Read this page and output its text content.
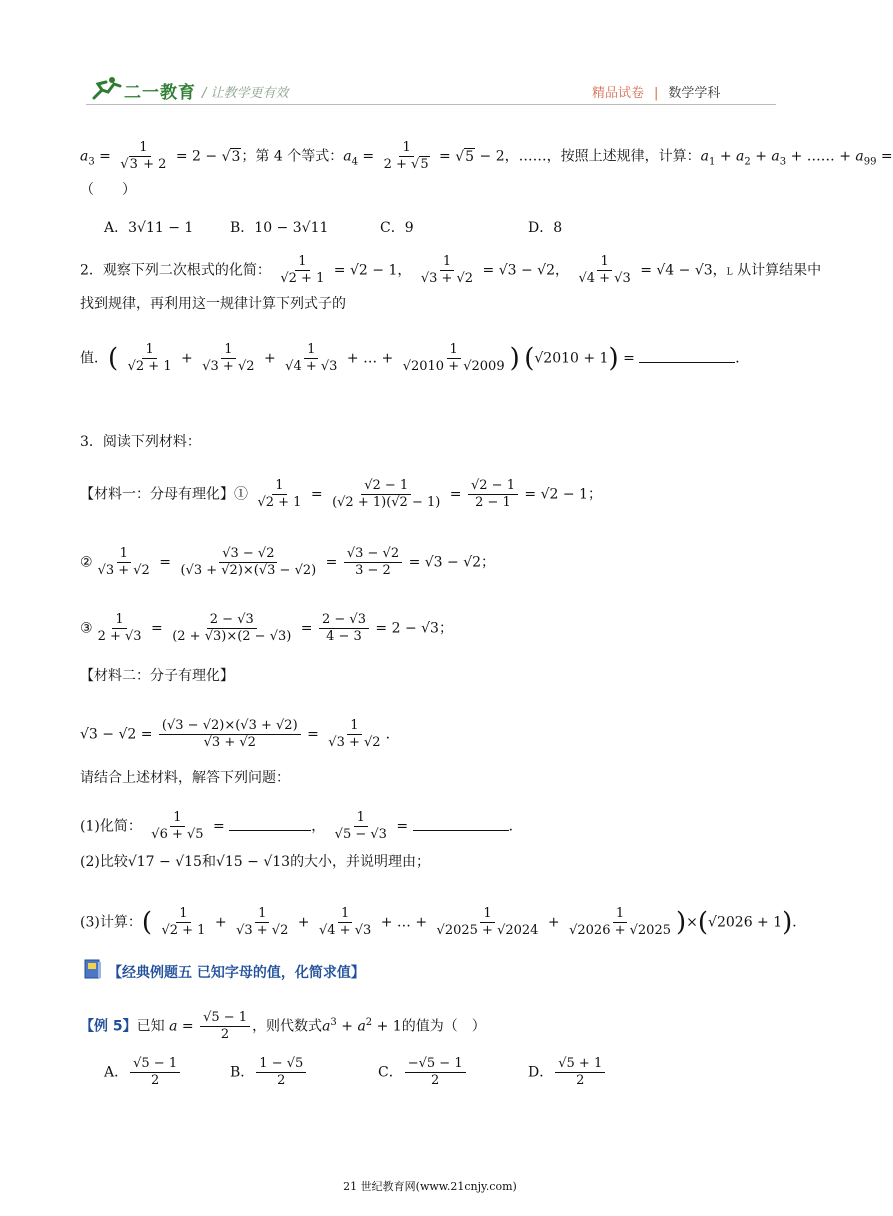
二一教育 / 让教学更有效	精品试卷 | 数学学科
$a_3 = \frac{1}{√3 + 2} = 2 - √3$；第 4 个等式：$a_4 = \frac{1}{2 + √5} = √5 - 2$，……，按照上述规律，计算：$a_1 + a_2 + a_3$ + …… + $a_{99}$ =
（　　）
A．3√11 − 1	B．10 − 3√11	C．9	D．8
2．观察下列二次根式的化简： $\frac{1}{√2 + 1} = √2 - 1$， $\frac{1}{√3 + √2} = √3 - √2$， $\frac{1}{√4 + √3} = √4 - √3$，L 从计算结果中
找到规律，再利用这一规律计算下列式子的
值．( $\frac{1}{√2 + 1} + \frac{1}{√3 + √2} + \frac{1}{√4 + √3}$ + … + $\frac{1}{√2010 + √2009}$ ) (√2010 + 1) =	．
3．阅读下列材料：
【材料一：分母有理化】① $\frac{1}{√2 + 1} = \frac{√2 - 1}{(√2 + 1)(√2 - 1)} = \frac{√2 - 1}{2 - 1} = √2 - 1$；
② $\frac{1}{√3 + √2} = \frac{√3 - √2}{(√3 + √2)\times(√3 - √2)} = \frac{√3 - √2}{3 - 2} = √3 - √2$；
③ $\frac{1}{2 + √3} = \frac{2 - √3}{(2 + √3)\times(2 - √3)} = \frac{2 - √3}{4 - 3} = 2 - √3$；
【材料二：分子有理化】
$√3 - √2 = \frac{(√3 - √2)\times(√3 + √2)}{√3 + √2} = \frac{1}{√3 + √2}$ ．
请结合上述材料，解答下列问题：
(1)化简： $\frac{1}{√6 + √5}$ =	， $\frac{1}{√5 - √3}$ =	．
(2)比较√17 − √15和√15 − √13的大小，并说明理由；
(3)计算：( $\frac{1}{√2 + 1} + \frac{1}{√3 + √2} + \frac{1}{√4 + √3}$ + … + $\frac{1}{√2025 + √2024} + \frac{1}{√2026 + √2025} )\times(√2026 + 1)$．
【经典例题五 已知字母的值，化简求值】
【例 5】已知 $a = \frac{√5 - 1}{2}$ ，则代数式$a^3 + a^2 + 1$的值为（　）
A． $\frac{√5 - 1}{2}$	B． $\frac{1 - √5}{2}$	C． $\frac{-√5 - 1}{2}$	D． $\frac{√5 + 1}{2}$
21 世纪教育网(www.21cnjy.com)
